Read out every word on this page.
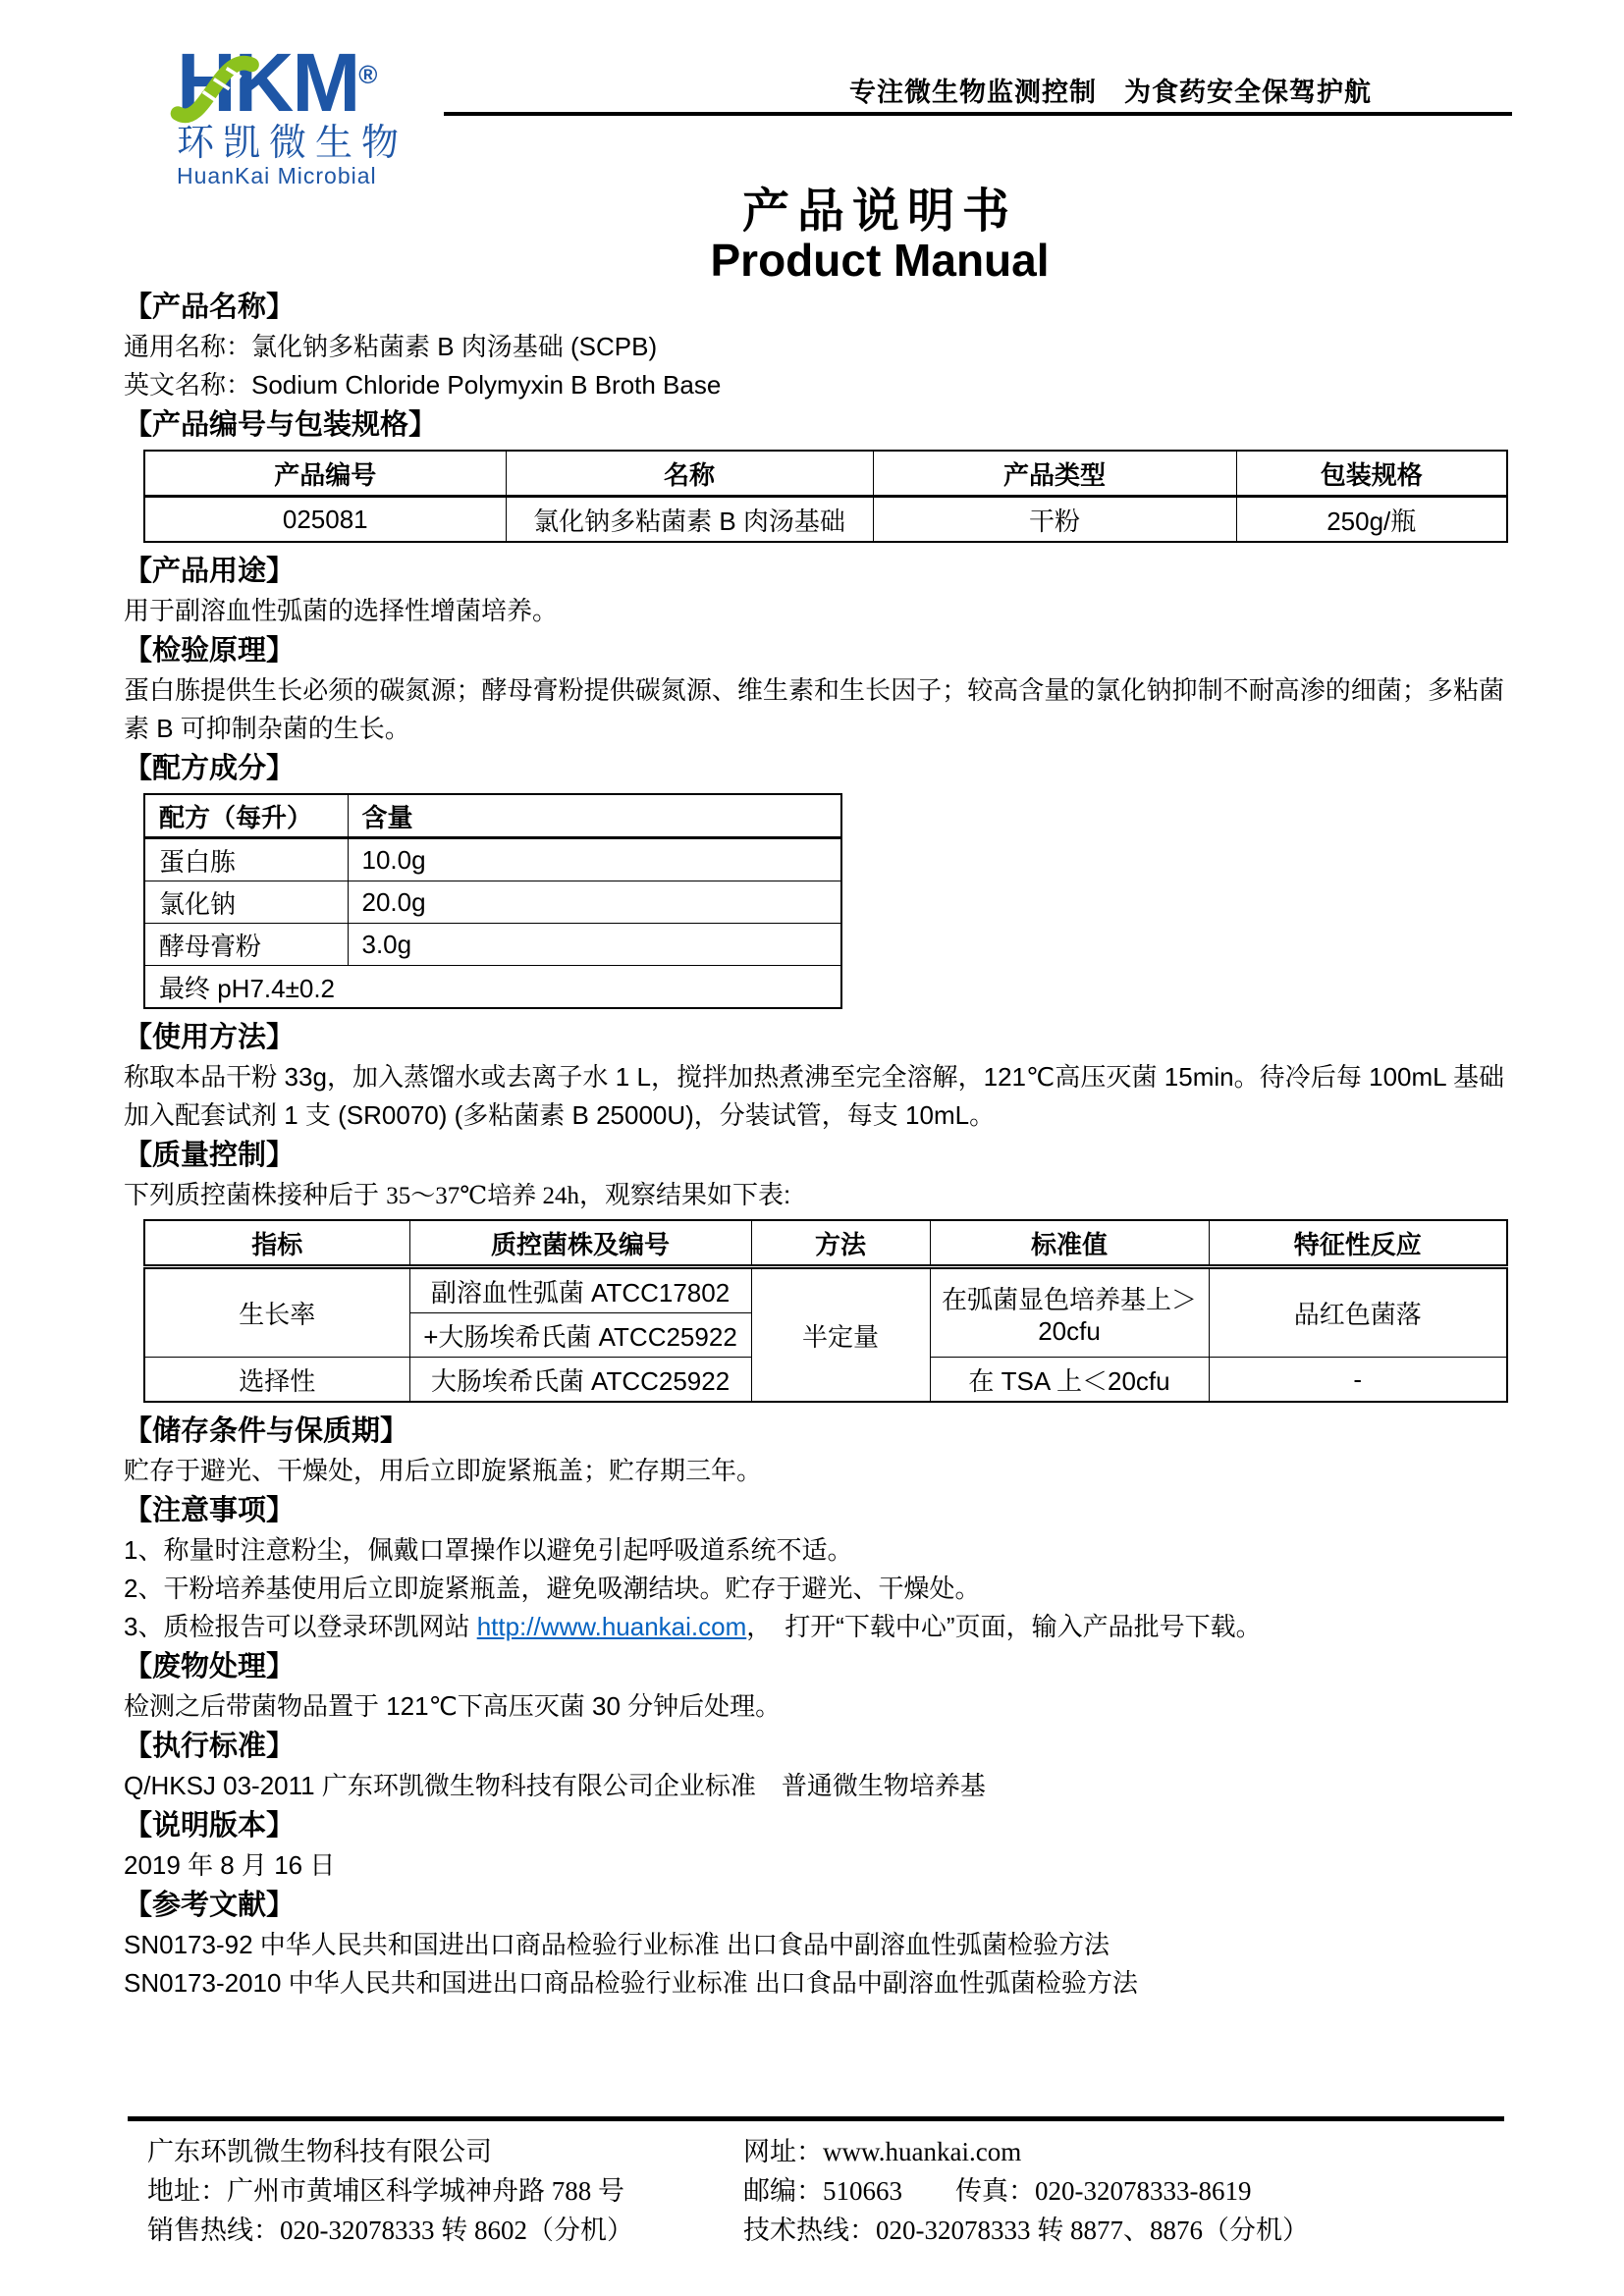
HKM®
环凯微生物
HuanKai Microbial
专注微生物监测控制　为食药安全保驾护航
产品说明书
Product Manual
【产品名称】

通用名称：氯化钠多粘菌素 B 肉汤基础 (SCPB)

英文名称：Sodium Chloride Polymyxin B Broth Base

【产品编号与包装规格】
产品编号	名称	产品类型	包装规格
025081	氯化钠多粘菌素 B 肉汤基础	干粉	250g/瓶
【产品用途】

用于副溶血性弧菌的选择性增菌培养。

【检验原理】

蛋白胨提供生长必须的碳氮源；酵母膏粉提供碳氮源、维生素和生长因子；较高含量的氯化钠抑制不耐高渗的细菌；多粘菌素 B 可抑制杂菌的生长。

【配方成分】
配方（每升）	含量
蛋白胨	10.0g
氯化钠	20.0g
酵母膏粉	3.0g
最终 pH7.4±0.2	
【使用方法】

称取本品干粉 33g，加入蒸馏水或去离子水 1 L，搅拌加热煮沸至完全溶解，121℃高压灭菌 15min。待冷后每 100mL 基础加入配套试剂 1 支 (SR0070) (多粘菌素 B 25000U)，分装试管，每支 10mL。

【质量控制】

下列质控菌株接种后于 35～37℃培养 24h，观察结果如下表:

指标	质控菌株及编号	方法	标准值	特征性反应
生长率	副溶血性弧菌 ATCC17802	半定量	在弧菌显色培养基上＞20cfu	品红色菌落
	+大肠埃希氏菌 ATCC25922			
选择性	大肠埃希氏菌 ATCC25922		在 TSA 上＜20cfu	-
【储存条件与保质期】

贮存于避光、干燥处，用后立即旋紧瓶盖；贮存期三年。

【注意事项】

1、称量时注意粉尘，佩戴口罩操作以避免引起呼吸道系统不适。

2、干粉培养基使用后立即旋紧瓶盖，避免吸潮结块。贮存于避光、干燥处。

3、质检报告可以登录环凯网站 http://www.huankai.com，　打开“下载中心”页面，输入产品批号下载。

【废物处理】

检测之后带菌物品置于 121℃下高压灭菌 30 分钟后处理。

【执行标准】

Q/HKSJ 03-2011 广东环凯微生物科技有限公司企业标准　普通微生物培养基

【说明版本】

2019 年 8 月 16 日

【参考文献】

SN0173-92 中华人民共和国进出口商品检验行业标准 出口食品中副溶血性弧菌检验方法

SN0173-2010 中华人民共和国进出口商品检验行业标准 出口食品中副溶血性弧菌检验方法

广东环凯微生物科技有限公司
地址：广州市黄埔区科学城神舟路 788 号
销售热线：020-32078333 转 8602（分机）
网址：www.huankai.com
邮编：510663　　传真：020-32078333-8619
技术热线：020-32078333 转 8877、8876（分机）
